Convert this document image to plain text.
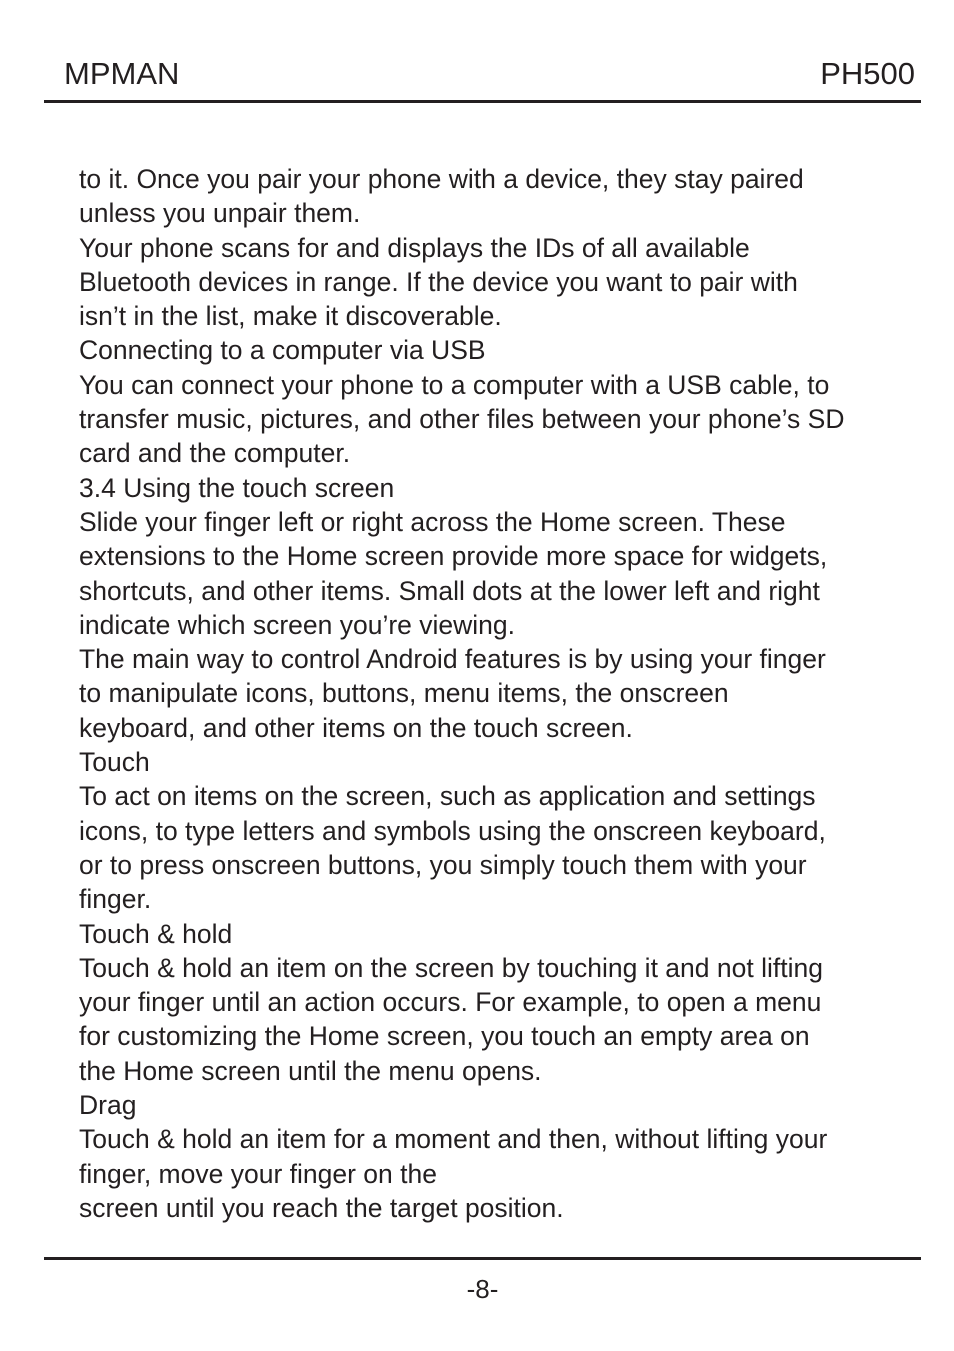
MPMAN	PH500
to it. Once you pair your phone with a device, they stay paired
unless you unpair them.
Your phone scans for and displays the IDs of all available
Bluetooth devices in range. If the device you want to pair with
isn’t in the list, make it discoverable.
Connecting to a computer via USB
You can connect your phone to a computer with a USB cable, to
transfer music, pictures, and other files between your phone’s SD
card and the computer.
3.4 Using the touch screen
Slide your finger left or right across the Home screen. These
extensions to the Home screen provide more space for widgets,
shortcuts, and other items. Small dots at the lower left and right
indicate which screen you’re viewing.
The main way to control Android features is by using your finger
to manipulate icons, buttons, menu items, the onscreen
keyboard, and other items on the touch screen.
Touch
To act on items on the screen, such as application and settings
icons, to type letters and symbols using the onscreen keyboard,
or to press onscreen buttons, you simply touch them with your
finger.
Touch & hold
Touch & hold an item on the screen by touching it and not lifting
your finger until an action occurs. For example, to open a menu
for customizing the Home screen, you touch an empty area on
the Home screen until the menu opens.
Drag
Touch & hold an item for a moment and then, without lifting your
finger, move your finger on the
screen until you reach the target position.
-8-
